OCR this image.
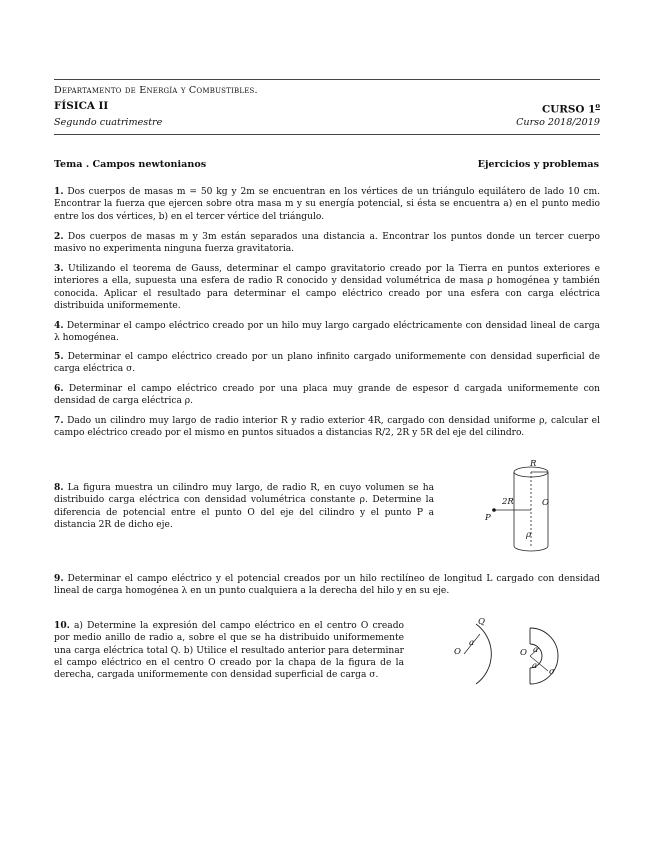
Departamento de Energía y Combustibles.
FÍSICA II	CURSO 1$^o$
Segundo cuatrimestre	Curso 2018/2019
Tema . Campos newtonianos	Ejercicios y problemas
1. Dos cuerpos de masas m = 50 kg y 2m se encuentran en los vértices de un triángulo equilátero de lado 10 cm. Encontrar la fuerza que ejercen sobre otra masa m y su energía potencial, si ésta se encuentra a) en el punto medio entre los dos vértices, b) en el tercer vértice del triángulo.
2. Dos cuerpos de masas m y 3m están separados una distancia a. Encontrar los puntos donde un tercer cuerpo masivo no experimenta ninguna fuerza gravitatoria.
3. Utilizando el teorema de Gauss, determinar el campo gravitatorio creado por la Tierra en puntos exteriores e interiores a ella, supuesta una esfera de radio R conocido y densidad volumétrica de masa ρ homogénea y también conocida. Aplicar el resultado para determinar el campo eléctrico creado por una esfera con carga eléctrica distribuida uniformemente.
4. Determinar el campo eléctrico creado por un hilo muy largo cargado eléctricamente con densidad lineal de carga λ homogénea.
5. Determinar el campo eléctrico creado por un plano infinito cargado uniformemente con densidad superficial de carga eléctrica σ.
6. Determinar el campo eléctrico creado por una placa muy grande de espesor d cargada uniformemente con densidad de carga eléctrica ρ.
7. Dado un cilindro muy largo de radio interior R y radio exterior 4R, cargado con densidad uniforme ρ, calcular el campo eléctrico creado por el mismo en puntos situados a distancias R/2, 2R y 5R del eje del cilindro.
8. La figura muestra un cilindro muy largo, de radio R, en cuyo volumen se ha distribuido carga eléctrica con densidad volumétrica constante ρ. Determine la diferencia de potencial entre el punto O del eje del cilindro y el punto P a distancia 2R de dicho eje.
R
2R	O
P
ρ
9. Determinar el campo eléctrico y el potencial creados por un hilo rectilíneo de longitud L cargado con densidad lineal de carga homogénea λ en un punto cualquiera a la derecha del hilo y en su eje.
10. a) Determine la expresión del campo eléctrico en el centro O creado por medio anillo de radio a, sobre el que se ha distribuido uniformemente una carga eléctrica total Q. b) Utilice el resultado anterior para determinar el campo eléctrico en el centro O creado por la chapa de la figura de la derecha, cargada uniformemente con densidad superficial de carga σ.
Q
a
O	O a
a
σ
